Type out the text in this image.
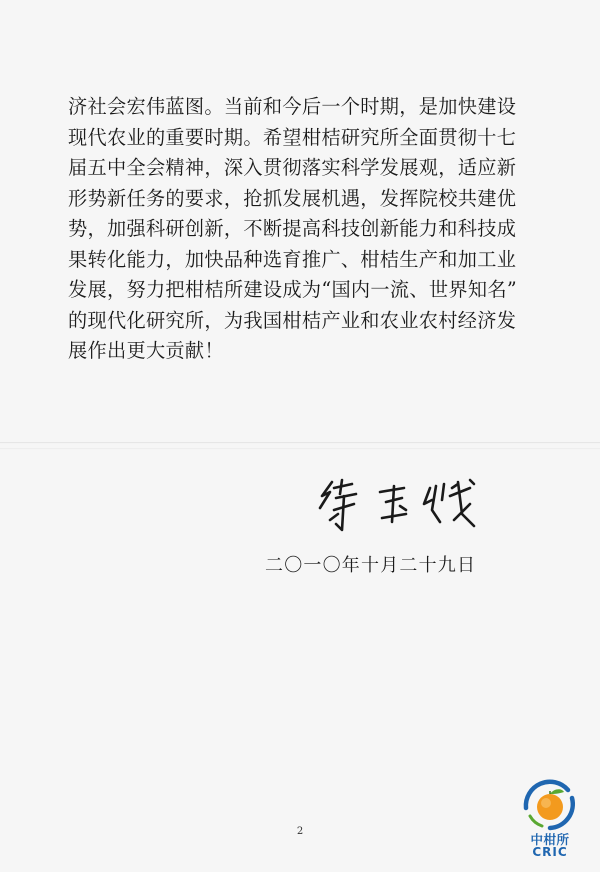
济社会宏伟蓝图。当前和今后一个时期，是加快建设
现代农业的重要时期。希望柑桔研究所全面贯彻十七
届五中全会精神，深入贯彻落实科学发展观，适应新
形势新任务的要求，抢抓发展机遇，发挥院校共建优
势，加强科研创新，不断提高科技创新能力和科技成
果转化能力，加快品种选育推广、柑桔生产和加工业
发展，努力把柑桔所建设成为“国内一流、世界知名”
的现代化研究所，为我国柑桔产业和农业农村经济发
展作出更大贡献！
二〇一〇年十月二十九日
2
中柑所
CRIC
